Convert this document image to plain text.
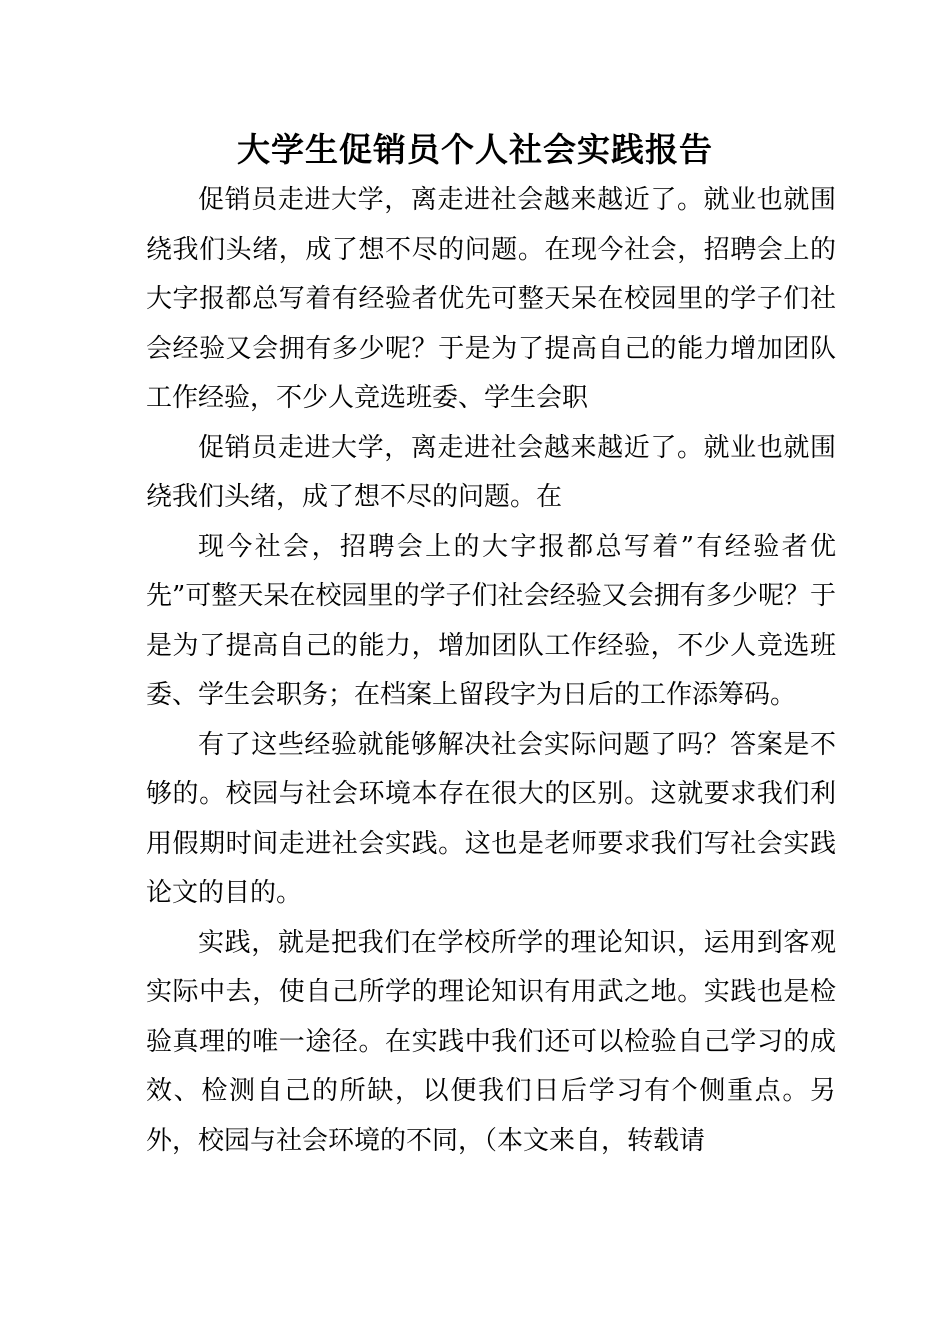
大学生促销员个人社会实践报告

促销员走进大学，离走进社会越来越近了。就业也就围绕我们头绪，成了想不尽的问题。在现今社会，招聘会上的大字报都总写着有经验者优先可整天呆在校园里的学子们社会经验又会拥有多少呢？于是为了提高自己的能力增加团队工作经验，不少人竞选班委、学生会职

促销员走进大学，离走进社会越来越近了。就业也就围绕我们头绪，成了想不尽的问题。在

现今社会，招聘会上的大字报都总写着”有经验者优先”可整天呆在校园里的学子们社会经验又会拥有多少呢？于是为了提高自己的能力，增加团队工作经验，不少人竞选班委、学生会职务；在档案上留段字为日后的工作添筹码。

有了这些经验就能够解决社会实际问题了吗？答案是不够的。校园与社会环境本存在很大的区别。这就要求我们利用假期时间走进社会实践。这也是老师要求我们写社会实践论文的目的。

实践，就是把我们在学校所学的理论知识，运用到客观实际中去，使自己所学的理论知识有用武之地。实践也是检验真理的唯一途径。在实践中我们还可以检验自己学习的成效、检测自己的所缺，以便我们日后学习有个侧重点。另外，校园与社会环境的不同，（本文来自，转载请
